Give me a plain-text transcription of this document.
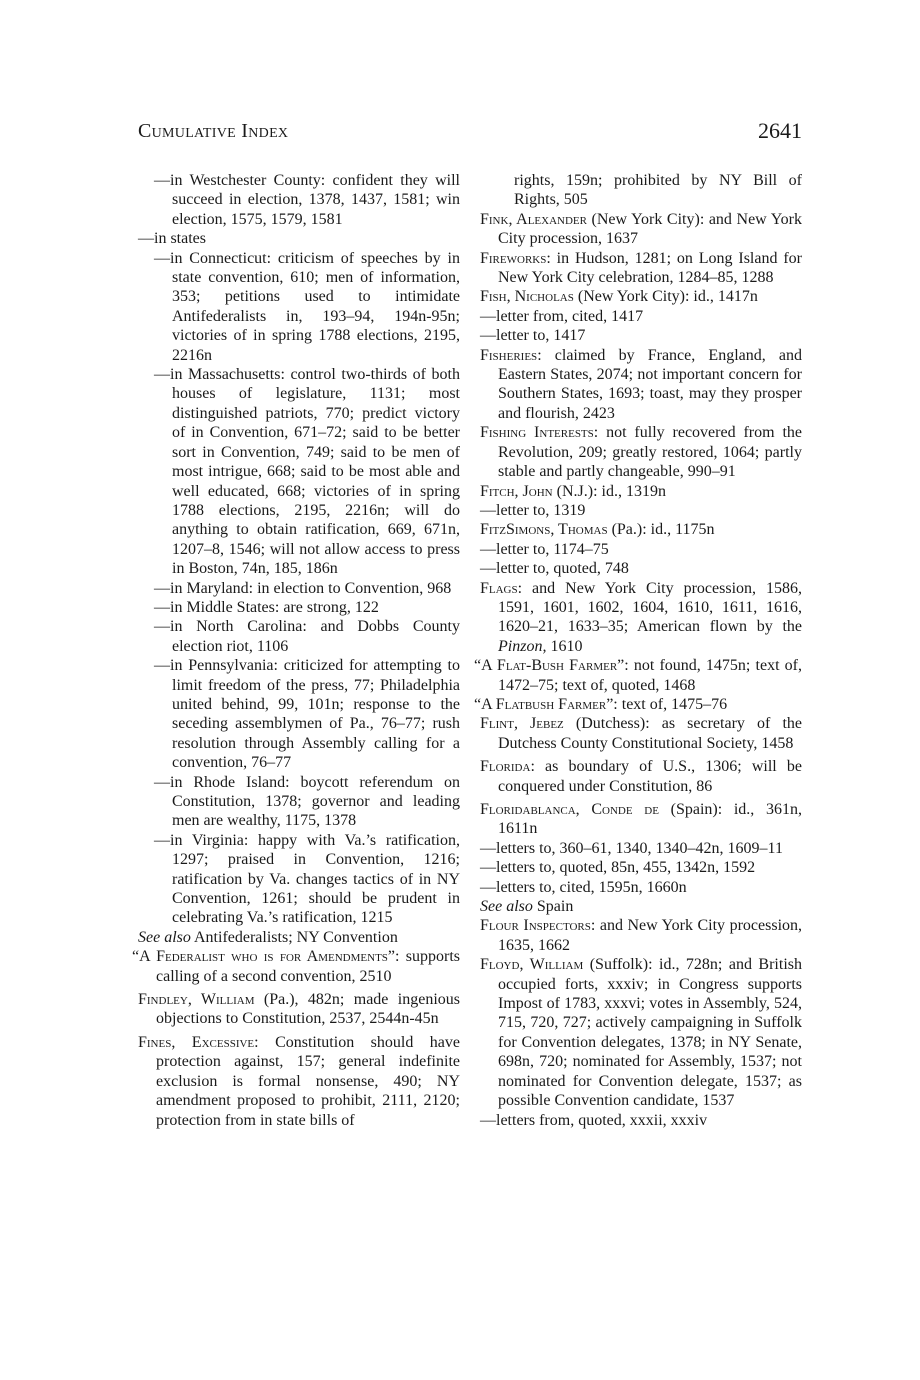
Cumulative Index	2641

—in Westchester County: confident they will succeed in election, 1378, 1437, 1581; win election, 1575, 1579, 1581

—in states

—in Connecticut: criticism of speeches by in state convention, 610; men of information, 353; petitions used to intimidate Antifederalists in, 193–94, 194n-95n; victories of in spring 1788 elections, 2195, 2216n

—in Massachusetts: control two-thirds of both houses of legislature, 1131; most distinguished patriots, 770; predict victory of in Convention, 671–72; said to be better sort in Convention, 749; said to be men of most intrigue, 668; said to be most able and well educated, 668; victories of in spring 1788 elections, 2195, 2216n; will do anything to obtain ratification, 669, 671n, 1207–8, 1546; will not allow access to press in Boston, 74n, 185, 186n

—in Maryland: in election to Convention, 968

—in Middle States: are strong, 122

—in North Carolina: and Dobbs County election riot, 1106

—in Pennsylvania: criticized for attempting to limit freedom of the press, 77; Philadelphia united behind, 99, 101n; response to the seceding assemblymen of Pa., 76–77; rush resolution through Assembly calling for a convention, 76–77

—in Rhode Island: boycott referendum on Constitution, 1378; governor and leading men are wealthy, 1175, 1378

—in Virginia: happy with Va.’s ratification, 1297; praised in Convention, 1216; ratification by Va. changes tactics of in NY Convention, 1261; should be prudent in celebrating Va.’s ratification, 1215

See also Antifederalists; NY Convention

“A Federalist who is for Amendments”: supports calling of a second convention, 2510

Findley, William (Pa.), 482n; made ingenious objections to Constitution, 2537, 2544n-45n

Fines, Excessive: Constitution should have protection against, 157; general indefinite exclusion is formal nonsense, 490; NY amendment proposed to prohibit, 2111, 2120; protection from in state bills of

rights, 159n; prohibited by NY Bill of Rights, 505

Fink, Alexander (New York City): and New York City procession, 1637

Fireworks: in Hudson, 1281; on Long Island for New York City celebration, 1284–85, 1288

Fish, Nicholas (New York City): id., 1417n

—letter from, cited, 1417

—letter to, 1417

Fisheries: claimed by France, England, and Eastern States, 2074; not important concern for Southern States, 1693; toast, may they prosper and flourish, 2423

Fishing Interests: not fully recovered from the Revolution, 209; greatly restored, 1064; partly stable and partly changeable, 990–91

Fitch, John (N.J.): id., 1319n

—letter to, 1319

FitzSimons, Thomas (Pa.): id., 1175n

—letter to, 1174–75

—letter to, quoted, 748

Flags: and New York City procession, 1586, 1591, 1601, 1602, 1604, 1610, 1611, 1616, 1620–21, 1633–35; American flown by the Pinzon, 1610

“A Flat-Bush Farmer”: not found, 1475n; text of, 1472–75; text of, quoted, 1468

“A Flatbush Farmer”: text of, 1475–76

Flint, Jebez (Dutchess): as secretary of the Dutchess County Constitutional Society, 1458

Florida: as boundary of U.S., 1306; will be conquered under Constitution, 86

Floridablanca, Conde de (Spain): id., 361n, 1611n

—letters to, 360–61, 1340, 1340–42n, 1609–11

—letters to, quoted, 85n, 455, 1342n, 1592

—letters to, cited, 1595n, 1660n

See also Spain

Flour Inspectors: and New York City procession, 1635, 1662

Floyd, William (Suffolk): id., 728n; and British occupied forts, xxxiv; in Congress supports Impost of 1783, xxxvi; votes in Assembly, 524, 715, 720, 727; actively campaigning in Suffolk for Convention delegates, 1378; in NY Senate, 698n, 720; nominated for Assembly, 1537; not nominated for Convention delegate, 1537; as possible Convention candidate, 1537

—letters from, quoted, xxxii, xxxiv
